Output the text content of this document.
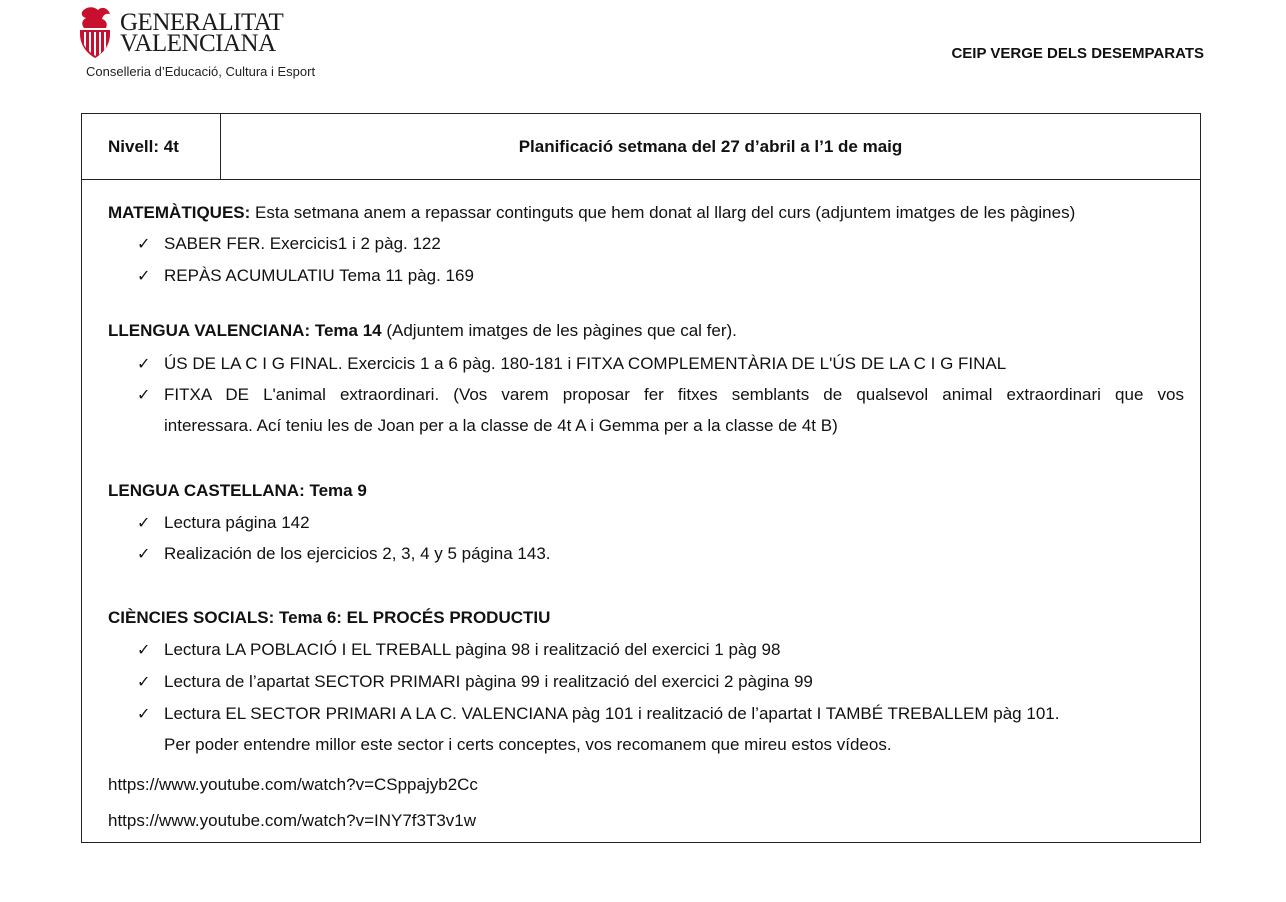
GENERALITAT
VALENCIANA
Conselleria d’Educació, Cultura i Esport
CEIP VERGE DELS DESEMPARATS
Nivell: 4t	Planificació setmana del 27 d’abril a l’1 de maig
MATEMÀTIQUES: Esta setmana anem a repassar continguts que hem donat al llarg del curs (adjuntem imatges de les pàgines)
✓ SABER FER. Exercicis1 i 2 pàg. 122
✓ REPÀS ACUMULATIU Tema 11 pàg. 169
LLENGUA VALENCIANA: Tema 14 (Adjuntem imatges de les pàgines que cal fer).
✓ ÚS DE LA C I G FINAL. Exercicis 1 a 6 pàg. 180-181 i FITXA COMPLEMENTÀRIA DE L'ÚS DE LA C I G FINAL
✓ FITXA DE L'animal extraordinari. (Vos varem proposar fer fitxes semblants de qualsevol animal extraordinari que vos
interessara. Ací teniu les de Joan per a la classe de 4t A i Gemma per a la classe de 4t B)
LENGUA CASTELLANA: Tema 9
✓ Lectura página 142
✓ Realización de los ejercicios 2, 3, 4 y 5 página 143.
CIÈNCIES SOCIALS: Tema 6: EL PROCÉS PRODUCTIU
✓ Lectura LA POBLACIÓ I EL TREBALL pàgina 98 i realització del exercici 1 pàg 98
✓ Lectura de l’apartat SECTOR PRIMARI pàgina 99 i realització del exercici 2 pàgina 99
✓ Lectura EL SECTOR PRIMARI A LA C. VALENCIANA pàg 101 i realització de l’apartat I TAMBÉ TREBALLEM pàg 101.
Per poder entendre millor este sector i certs conceptes, vos recomanem que mireu estos vídeos.
https://www.youtube.com/watch?v=CSppajyb2Cc
https://www.youtube.com/watch?v=INY7f3T3v1w
